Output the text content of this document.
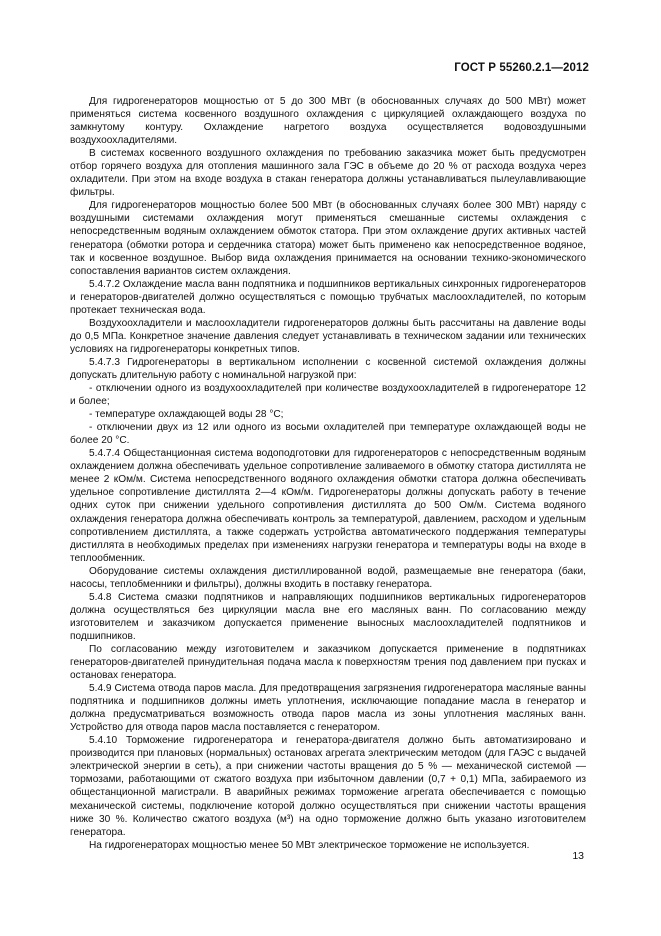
ГОСТ Р 55260.2.1—2012

Для гидрогенераторов мощностью от 5 до 300 МВт (в обоснованных случаях до 500 МВт) может применяться система косвенного воздушного охлаждения с циркуляцией охлаждающего воздуха по замкнутому контуру. Охлаждение нагретого воздуха осуществляется водовоздушными воздухоохладителями.

В системах косвенного воздушного охлаждения по требованию заказчика может быть предусмотрен отбор горячего воздуха для отопления машинного зала ГЭС в объеме до 20 % от расхода воздуха через охладители. При этом на входе воздуха в стакан генератора должны устанавливаться пылеулавливающие фильтры.

Для гидрогенераторов мощностью более 500 МВт (в обоснованных случаях более 300 МВт) наряду с воздушными системами охлаждения могут применяться смешанные системы охлаждения с непосредственным водяным охлаждением обмоток статора. При этом охлаждение других активных частей генератора (обмотки ротора и сердечника статора) может быть применено как непосредственное водяное, так и косвенное воздушное. Выбор вида охлаждения принимается на основании технико-экономического сопоставления вариантов систем охлаждения.

5.4.7.2 Охлаждение масла ванн подпятника и подшипников вертикальных синхронных гидрогенераторов и генераторов-двигателей должно осуществляться с помощью трубчатых маслоохладителей, по которым протекает техническая вода.

Воздухоохладители и маслоохладители гидрогенераторов должны быть рассчитаны на давление воды до 0,5 МПа. Конкретное значение давления следует устанавливать в техническом задании или технических условиях на гидрогенераторы конкретных типов.

5.4.7.3 Гидрогенераторы в вертикальном исполнении с косвенной системой охлаждения должны допускать длительную работу с номинальной нагрузкой при:

- отключении одного из воздухоохладителей при количестве воздухоохладителей в гидрогенераторе 12 и более;

- температуре охлаждающей воды 28 °С;

- отключении двух из 12 или одного из восьми охладителей при температуре охлаждающей воды не более 20 °С.

5.4.7.4 Общестанционная система водоподготовки для гидрогенераторов с непосредственным водяным охлаждением должна обеспечивать удельное сопротивление заливаемого в обмотку статора дистиллята не менее 2 кОм/м. Система непосредственного водяного охлаждения обмотки статора должна обеспечивать удельное сопротивление дистиллята 2—4 кОм/м. Гидрогенераторы должны допускать работу в течение одних суток при снижении удельного сопротивления дистиллята до 500 Ом/м. Система водяного охлаждения генератора должна обеспечивать контроль за температурой, давлением, расходом и удельным сопротивлением дистиллята, а также содержать устройства автоматического поддержания температуры дистиллята в необходимых пределах при изменениях нагрузки генератора и температуры воды на входе в теплообменник.

Оборудование системы охлаждения дистиллированной водой, размещаемые вне генератора (баки, насосы, теплобменники и фильтры), должны входить в поставку генератора.

5.4.8 Система смазки подпятников и направляющих подшипников вертикальных гидрогенераторов должна осуществляться без циркуляции масла вне его масляных ванн. По согласованию между изготовителем и заказчиком допускается применение выносных маслоохладителей подпятников и подшипников.

По согласованию между изготовителем и заказчиком допускается применение в подпятниках генераторов-двигателей принудительная подача масла к поверхностям трения под давлением при пусках и остановах генератора.

5.4.9 Система отвода паров масла. Для предотвращения загрязнения гидрогенератора масляные ванны подпятника и подшипников должны иметь уплотнения, исключающие попадание масла в генератор и должна предусматриваться возможность отвода паров масла из зоны уплотнения масляных ванн. Устройство для отвода паров масла поставляется с генератором.

5.4.10 Торможение гидрогенератора и генератора-двигателя должно быть автоматизировано и производится при плановых (нормальных) остановах агрегата электрическим методом (для ГАЭС с выдачей электрической энергии в сеть), а при снижении частоты вращения до 5 % — механической системой — тормозами, работающими от сжатого воздуха при избыточном давлении (0,7 + 0,1) МПа, забираемого из общестанционной магистрали. В аварийных режимах торможение агрегата обеспечивается с помощью механической системы, подключение которой должно осуществляться при снижении частоты вращения ниже 30 %. Количество сжатого воздуха (м³) на одно торможение должно быть указано изготовителем генератора.

На гидрогенераторах мощностью менее 50 МВт электрическое торможение не используется.

13
